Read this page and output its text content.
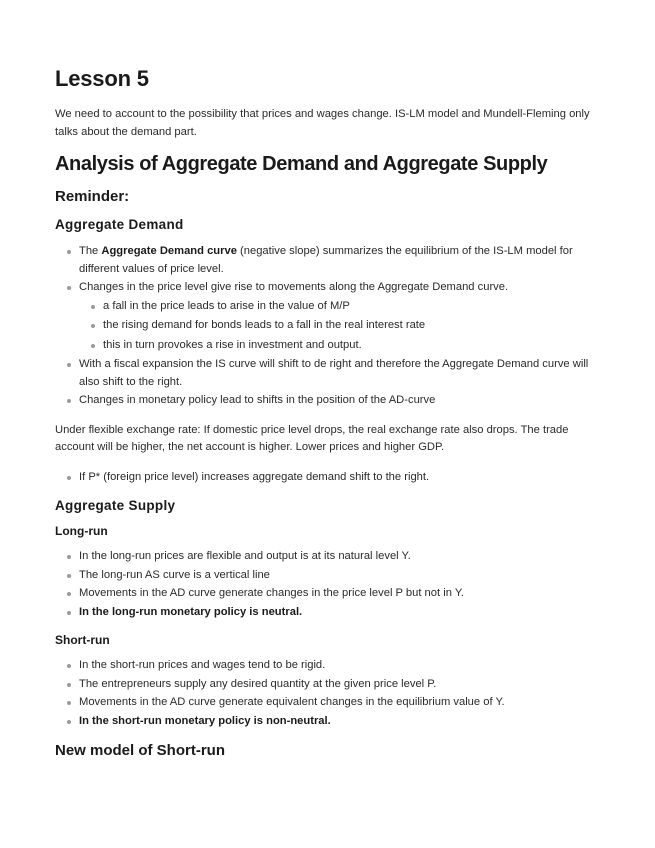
Lesson 5

We need to account to the possibility that prices and wages change. IS-LM model and Mundell-Fleming only talks about the demand part.

Analysis of Aggregate Demand and Aggregate Supply
Reminder:
Aggregate Demand
The Aggregate Demand curve (negative slope) summarizes the equilibrium of the IS-LM model for different values of price level.
Changes in the price level give rise to movements along the Aggregate Demand curve.
a fall in the price leads to arise in the value of M/P
the rising demand for bonds leads to a fall in the real interest rate
this in turn provokes a rise in investment and output.
With a fiscal expansion the IS curve will shift to de right and therefore the Aggregate Demand curve will also shift to the right.
Changes in monetary policy lead to shifts in the position of the AD-curve

Under flexible exchange rate: If domestic price level drops, the real exchange rate also drops. The trade account will be higher, the net account is higher. Lower prices and higher GDP.

If P* (foreign price level) increases aggregate demand shift to the right.
Aggregate Supply
Long-run
In the long-run prices are flexible and output is at its natural level Y.
The long-run AS curve is a vertical line
Movements in the AD curve generate changes in the price level P but not in Y.
In the long-run monetary policy is neutral.
Short-run
In the short-run prices and wages tend to be rigid.
The entrepreneurs supply any desired quantity at the given price level P.
Movements in the AD curve generate equivalent changes in the equilibrium value of Y.
In the short-run monetary policy is non-neutral.
New model of Short-run
